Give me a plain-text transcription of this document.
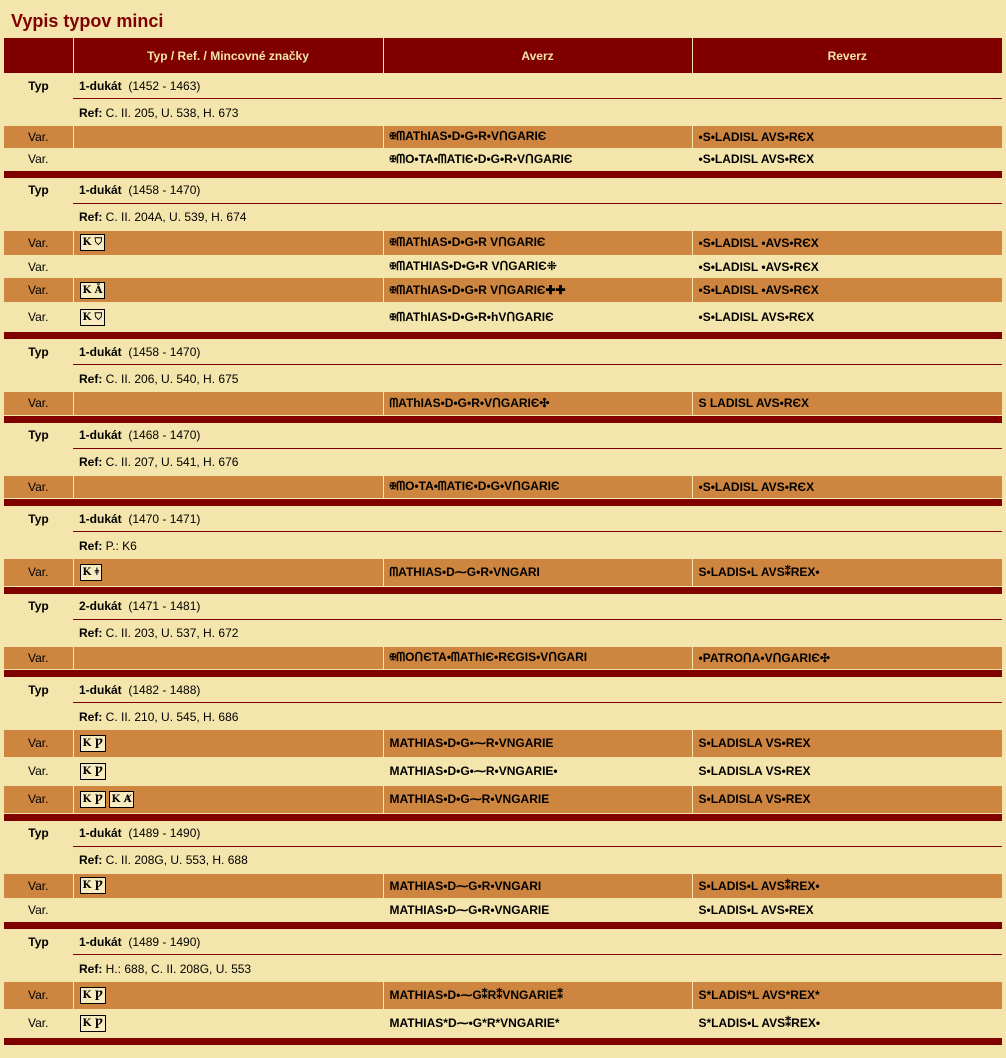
Vypis typov minci
	Typ / Ref. / Mincovné značky	Averz	Reverz
Typ	1-dukát  (1452 - 1463)		
	Ref: C. II. 205, U. 538, H. 673		
Var.		✠ᗰAThIAS•D•G•R•VᑎGARIЄ	•S•LADISL AVS•RЄX
Var.		✠ᗰO•TA•ᗰATIЄ•D•G•R•VᑎGARIЄ	•S•LADISL AVS•RЄX

Typ	1-dukát  (1458 - 1470)		
	Ref: C. II. 204A, U. 539, H. 674		
Var.	K ⛉	✠ᗰAThIAS•D•G•R VᑎGARIЄ	•S•LADISL •AVS•RЄX
Var.		✠ᗰATHIAS•D•G•R VᑎGARIЄ⁜	•S•LADISL •AVS•RЄX
Var.	K Ᾱ	✠ᗰAThIAS•D•G•R VᑎGARIЄ✚✚	•S•LADISL •AVS•RЄX
Var.	K ⛉	✠ᗰAThIAS•D•G•R•hVᑎGARIЄ	•S•LADISL AVS•RЄX

Typ	1-dukát  (1458 - 1470)		
	Ref: C. II. 206, U. 540, H. 675		
Var.		ᗰAThIAS•D•G•R•VᑎGARIЄ✣	S LADISL AVS•RЄX

Typ	1-dukát  (1468 - 1470)		
	Ref: C. II. 207, U. 541, H. 676		
Var.		✠ᗰO•TA•ᗰATIЄ•D•G•VᑎGARIЄ	•S•LADISL AVS•RЄX

Typ	1-dukát  (1470 - 1471)		
	Ref: P.: K6		
Var.	K ǂ	ᗰATHIAS•D⁓G•R•VNGARI	S•LADIS•L AVS⁑REX•

Typ	2-dukát  (1471 - 1481)		
	Ref: C. II. 203, U. 537, H. 672		
Var.		✠ᗰOᑎЄTA•ᗰAThIЄ•RЄGIS•VᑎGARI	•PATROᑎA•VᑎGARIЄ✣

Typ	1-dukát  (1482 - 1488)		
	Ref: C. II. 210, U. 545, H. 686		
Var.	K Ƿ	MATHIAS•D•G•⁓R•VNGARIE	S•LADISLA VS•REX
Var.	K Ƿ	MATHIAS•D•G•⁓R•VNGARIE•	S•LADISLA VS•REX
Var.	K Ƿ K Ⱥ	MATHIAS•D•G⁓R•VNGARIE	S•LADISLA VS•REX

Typ	1-dukát  (1489 - 1490)		
	Ref: C. II. 208G, U. 553, H. 688		
Var.	K Ƿ	MATHIAS•D⁓G•R•VNGARI	S•LADIS•L AVS⁑REX•
Var.		MATHIAS•D⁓G•R•VNGARIE	S•LADIS•L AVS•REX

Typ	1-dukát  (1489 - 1490)		
	Ref: H.: 688, C. II. 208G, U. 553		
Var.	K Ƿ	MATHIAS•D•⁓G⁑R⁑VNGARIE⁑	S*LADIS*L AVS*REX*
Var.	K Ƿ	MATHIAS*D⁓•G*R*VNGARIE*	S*LADIS•L AVS⁑REX•
